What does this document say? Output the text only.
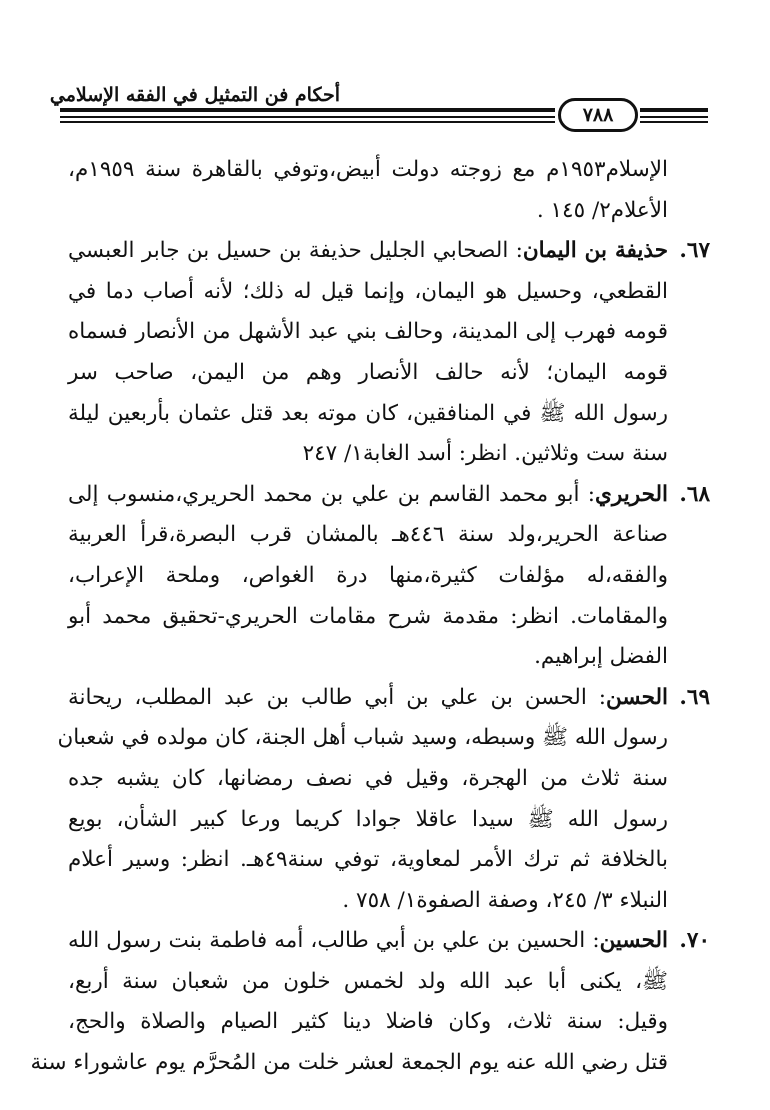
أحكام فن التمثيل في الفقه الإسلامي
٧٨٨
الإسلام١٩٥٣م مع زوجته دولت أبيض،وتوفي بالقاهرة سنة ١٩٥٩م،
الأعلام٢/ ١٤٥ .
٦٧.
حذيفة بن اليمان: الصحابي الجليل حذيفة بن حسيل بن جابر العبسي
القطعي، وحسيل هو اليمان، وإنما قيل له ذلك؛ لأنه أصاب دما في
قومه فهرب إلى المدينة، وحالف بني عبد الأشهل من الأنصار فسماه
قومه اليمان؛ لأنه حالف الأنصار وهم من اليمن، صاحب سر
رسول الله ﷺ في المنافقين، كان موته بعد قتل عثمان بأربعين ليلة
سنة ست وثلاثين. انظر: أسد الغابة١/ ٢٤٧
٦٨.
الحريري: أبو محمد القاسم بن علي بن محمد الحريري،منسوب إلى
صناعة الحرير،ولد سنة ٤٤٦هـ بالمشان قرب البصرة،قرأ العربية
والفقه،له مؤلفات كثيرة،منها درة الغواص، وملحة الإعراب،
والمقامات. انظر: مقدمة شرح مقامات الحريري-تحقيق محمد أبو
الفضل إبراهيم.
٦٩.
الحسن: الحسن بن علي بن أبي طالب بن عبد المطلب، ريحانة
رسول الله ﷺ وسبطه، وسيد شباب أهل الجنة، كان مولده في شعبان
سنة ثلاث من الهجرة، وقيل في نصف رمضانها، كان يشبه جده
رسول الله ﷺ سيدا عاقلا جوادا كريما ورعا كبير الشأن، بويع
بالخلافة ثم ترك الأمر لمعاوية، توفي سنة٤٩هـ. انظر: وسير أعلام
النبلاء ٣/ ٢٤٥، وصفة الصفوة١/ ٧٥٨ .
٧٠.
الحسين: الحسين بن علي بن أبي طالب، أمه فاطمة بنت رسول الله
ﷺ، يكنى أبا عبد الله ولد لخمس خلون من شعبان سنة أربع،
وقيل: سنة ثلاث، وكان فاضلا دينا كثير الصيام والصلاة والحج،
قتل رضي الله عنه يوم الجمعة لعشر خلت من المُحرَّم يوم عاشوراء سنة
